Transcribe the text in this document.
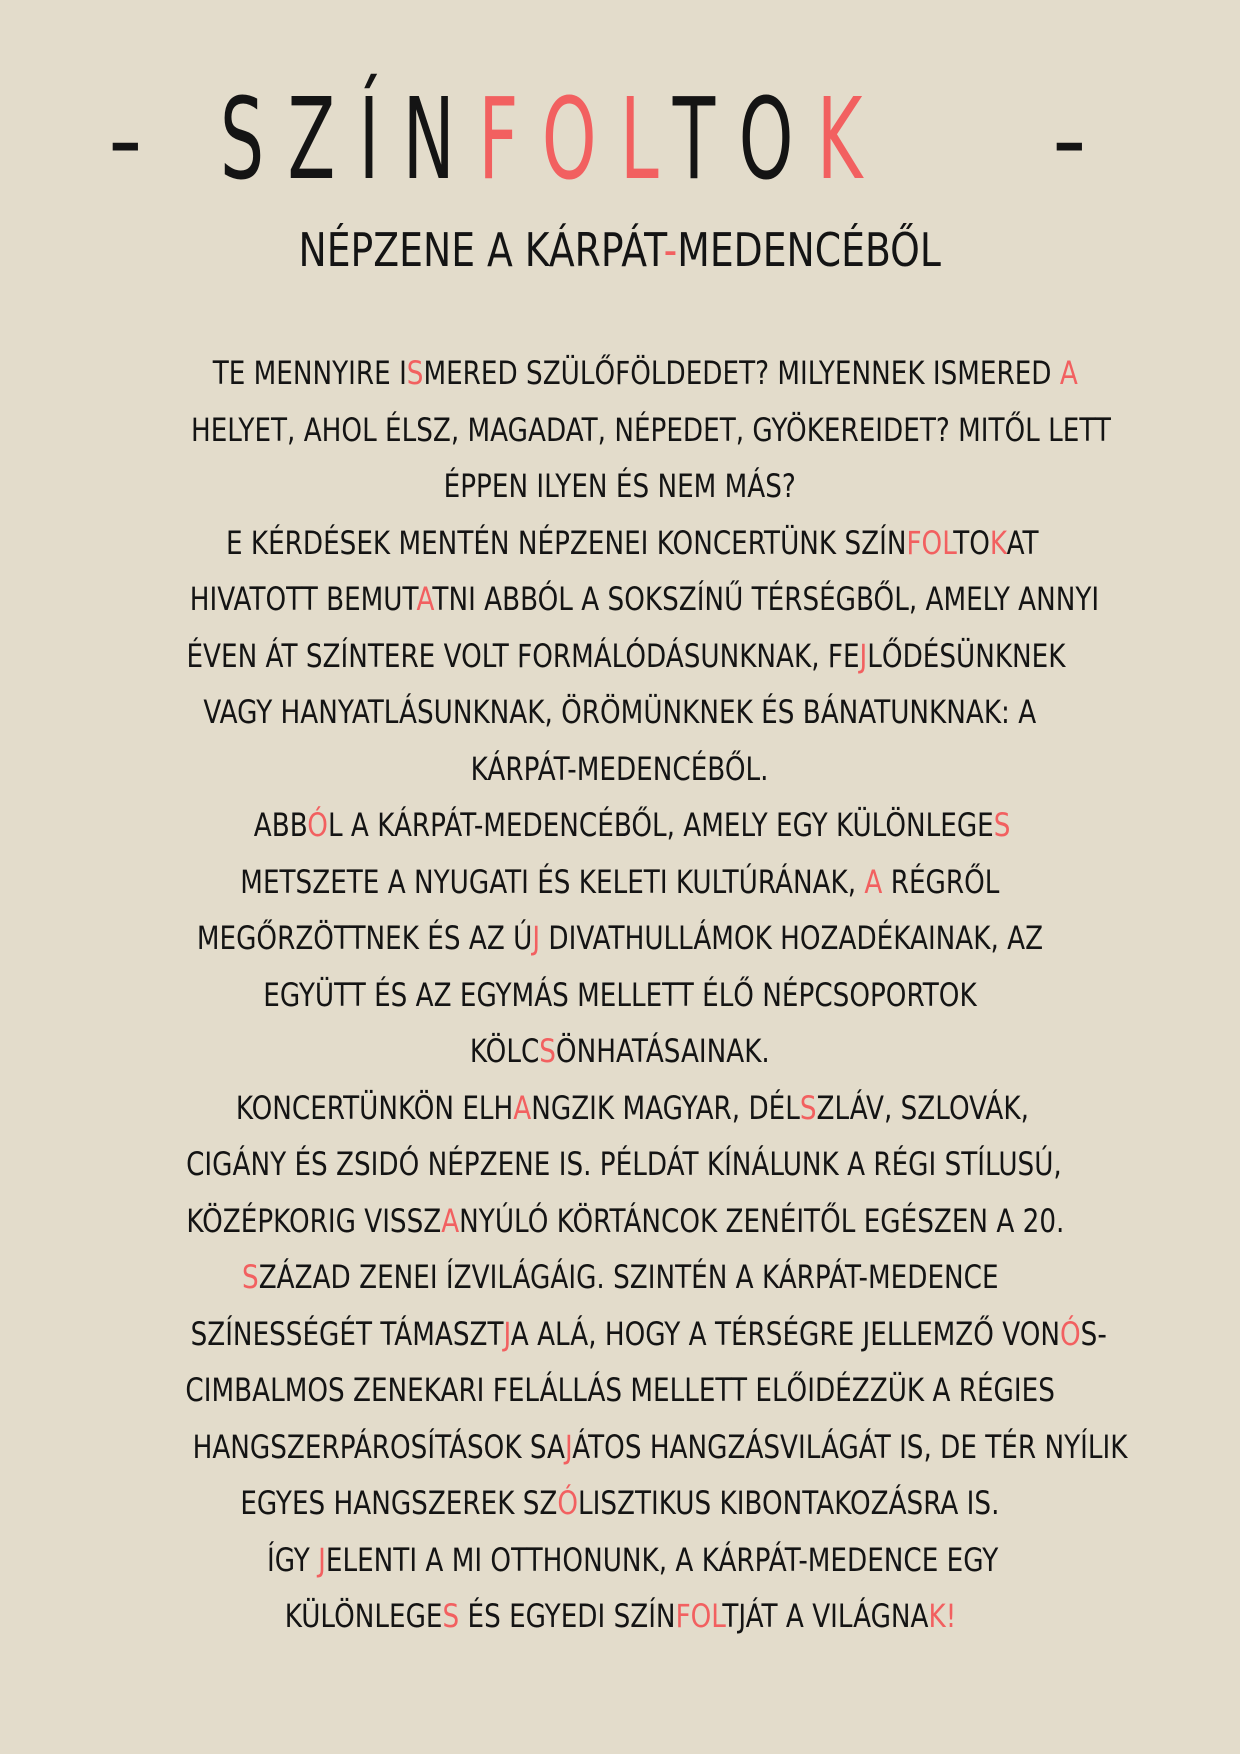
- SZÍNFOLTOK -
NÉPZENE A KÁRPÁT-MEDENCÉBŐL
TE MENNYIRE ISMERED SZÜLŐFÖLDEDET? MILYENNEK ISMERED A
HELYET, AHOL ÉLSZ, MAGADAT, NÉPEDET, GYÖKEREIDET? MITŐL LETT
ÉPPEN ILYEN ÉS NEM MÁS?
E KÉRDÉSEK MENTÉN NÉPZENEI KONCERTÜNK SZÍNFOLTOKAT
HIVATOTT BEMUTATNI ABBÓL A SOKSZÍNŰ TÉRSÉGBŐL, AMELY ANNYI
ÉVEN ÁT SZÍNTERE VOLT FORMÁLÓDÁSUNKNAK, FEJLŐDÉSÜNKNEK
VAGY HANYATLÁSUNKNAK, ÖRÖMÜNKNEK ÉS BÁNATUNKNAK: A
KÁRPÁT-MEDENCÉBŐL.
ABBÓL A KÁRPÁT-MEDENCÉBŐL, AMELY EGY KÜLÖNLEGES
METSZETE A NYUGATI ÉS KELETI KULTÚRÁNAK, A RÉGRŐL
MEGŐRZÖTTNEK ÉS AZ ÚJ DIVATHULLÁMOK HOZADÉKAINAK, AZ
EGYÜTT ÉS AZ EGYMÁS MELLETT ÉLŐ NÉPCSOPORTOK
KÖLCSÖNHATÁSAINAK.
KONCERTÜNKÖN ELHANGZIK MAGYAR, DÉLSZLÁV, SZLOVÁK,
CIGÁNY ÉS ZSIDÓ NÉPZENE IS. PÉLDÁT KÍNÁLUNK A RÉGI STÍLUSÚ,
KÖZÉPKORIG VISSZANYÚLÓ KÖRTÁNCOK ZENÉITŐL EGÉSZEN A 20.
SZÁZAD ZENEI ÍZVILÁGÁIG. SZINTÉN A KÁRPÁT-MEDENCE
SZÍNESSÉGÉT TÁMASZTJA ALÁ, HOGY A TÉRSÉGRE JELLEMZŐ VONÓS-
CIMBALMOS ZENEKARI FELÁLLÁS MELLETT ELŐIDÉZZÜK A RÉGIES
HANGSZERPÁROSÍTÁSOK SAJÁTOS HANGZÁSVILÁGÁT IS, DE TÉR NYÍLIK
EGYES HANGSZEREK SZÓLISZTIKUS KIBONTAKOZÁSRA IS.
ÍGY JELENTI A MI OTTHONUNK, A KÁRPÁT-MEDENCE EGY
KÜLÖNLEGES ÉS EGYEDI SZÍNFOLTJÁT A VILÁGNAK!
